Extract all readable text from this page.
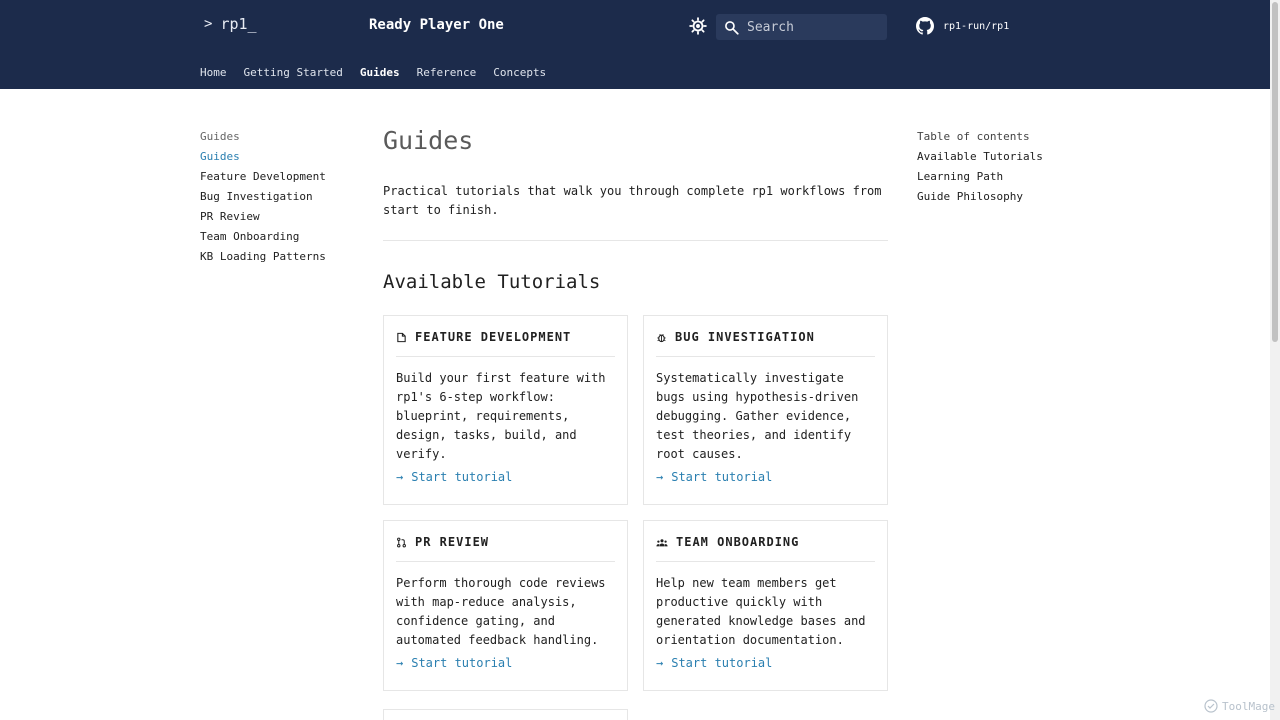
> rp1_	Ready Player One
Search	rp1-run/rp1
Home Getting Started Guides Reference Concepts
Guides
Guides
Feature Development
Bug Investigation
PR Review
Team Onboarding
KB Loading Patterns
Guides

Practical tutorials that walk you through complete rp1 workflows from start to finish.

Available Tutorials
FEATURE DEVELOPMENT

Build your first feature with rp1's 6-step workflow: blueprint, requirements, design, tasks, build, and verify.

→ Start tutorial
BUG INVESTIGATION

Systematically investigate bugs using hypothesis-driven debugging. Gather evidence, test theories, and identify root causes.

→ Start tutorial
PR REVIEW

Perform thorough code reviews with map-reduce analysis, confidence gating, and automated feedback handling.

→ Start tutorial
TEAM ONBOARDING

Help new team members get productive quickly with generated knowledge bases and orientation documentation.

→ Start tutorial
Table of contents
Available Tutorials
Learning Path
Guide Philosophy
ToolMage
